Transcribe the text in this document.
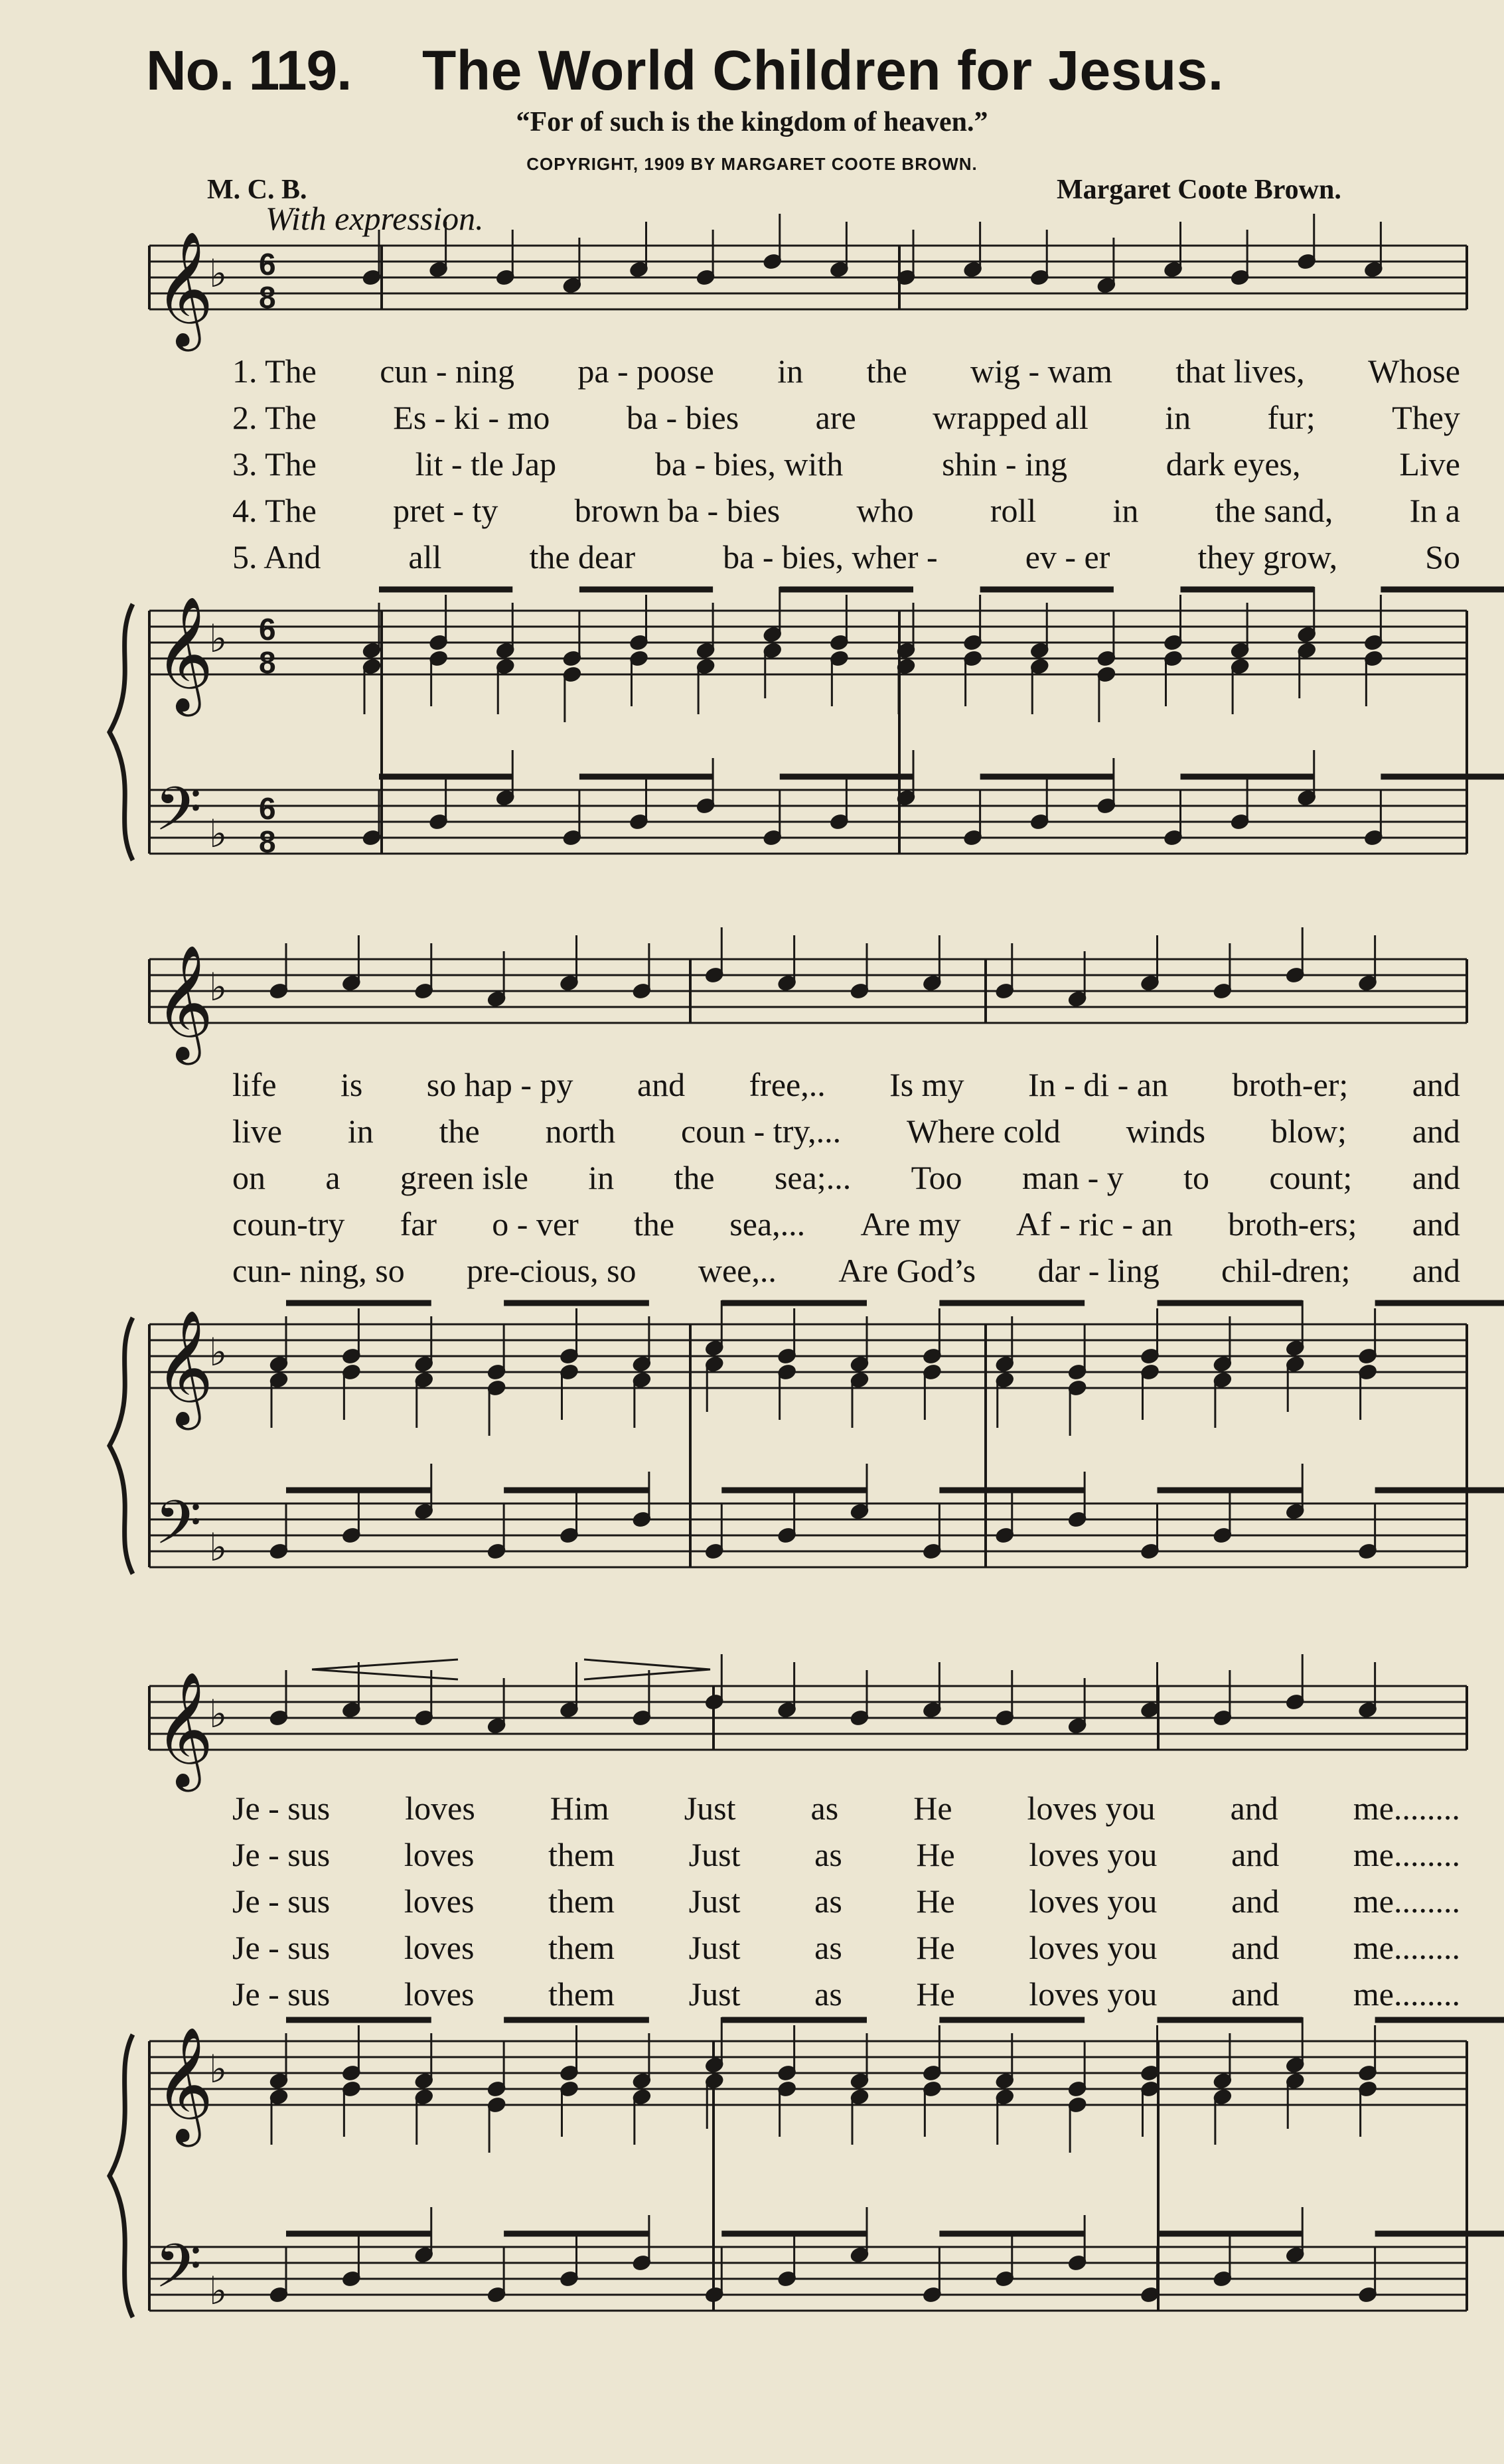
No. 119. The World Children for Jesus.
“For of such is the kingdom of heaven.”
COPYRIGHT, 1909 BY MARGARET COOTE BROWN.
M. C. B.	Margaret Coote Brown.
With expression.
𝄞
♭
𝄞
♭
𝄢 ♭
𝄞
♭
𝄞
♭
𝄢 ♭
𝄞
♭
𝄞
♭
𝄢 ♭
6
8
6
8
6
8
1. The cun - ning pa - poose in the wig - wam that lives, Whose
2. The Es - ki - mo ba - bies are wrapped all in fur; They
3. The	lit - tle Jap	ba - bies, with	shin - ing	dark eyes,	Live
4. The pret - ty brown ba - bies who roll in the sand, In a
5. And	all	the dear	ba - bies, wher -	ev - er	they grow,	So
life is so hap - py and free,.. Is my In - di - an broth-er; and
live in the north coun - try,... Where cold winds blow; and
on a green isle in the sea;... Too man - y to count; and
coun-try far o - ver the sea,... Are my Af - ric - an broth-ers; and
cun- ning, so pre-cious, so wee,.. Are God’s dar - ling chil-dren; and
Je - sus loves Him Just as He loves you and me........
Je - sus loves them Just as He loves you and me........
Je - sus loves them Just as He loves you and me........
Je - sus loves them Just as He loves you and me........
Je - sus loves them Just as He loves you and me........
